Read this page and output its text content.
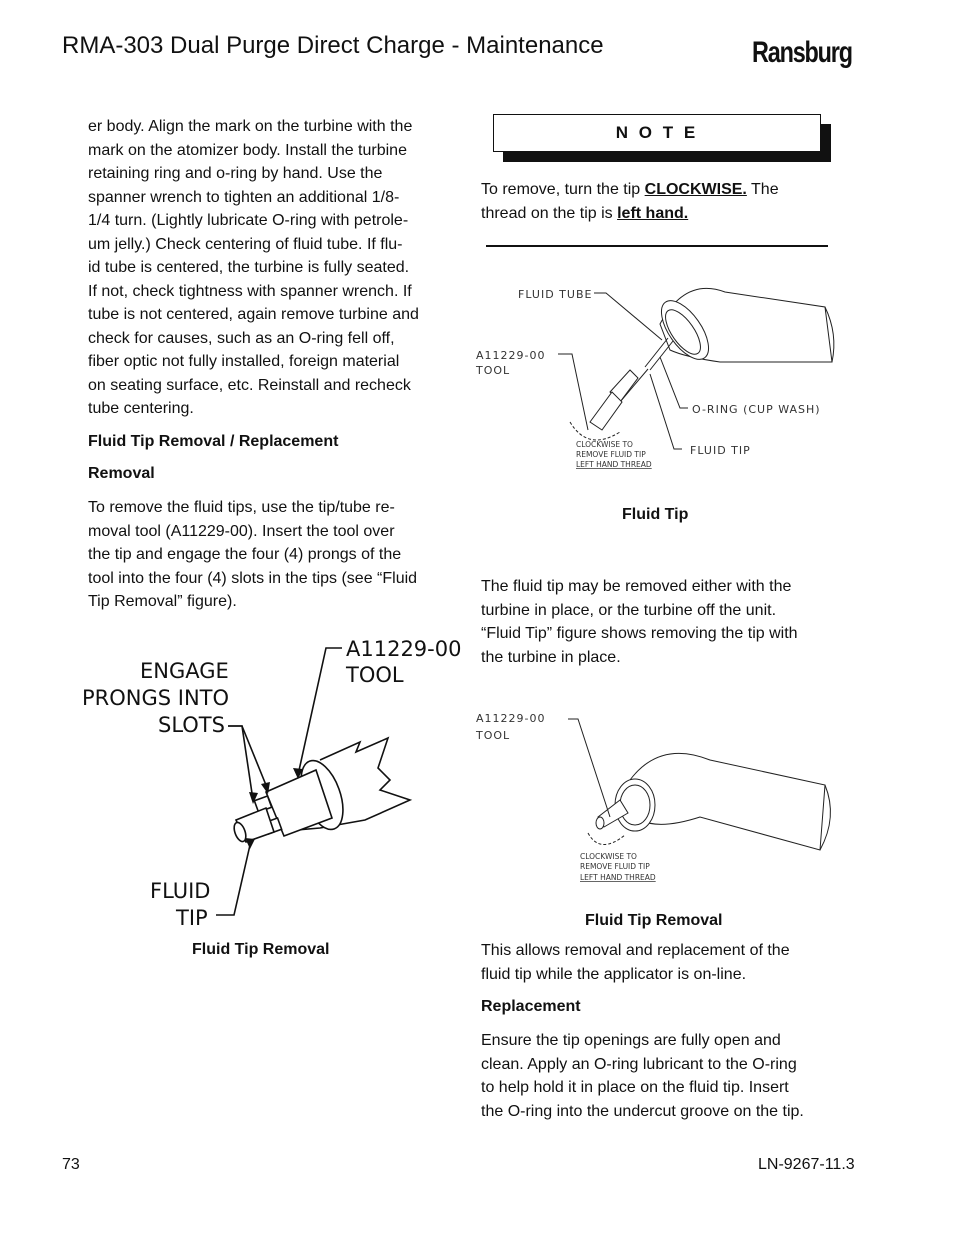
RMA-303 Dual Purge Direct Charge - Maintenance	Ransburg

er body. Align the mark on the turbine with the

mark on the atomizer body. Install the turbine

retaining ring and o-ring by hand. Use the

spanner wrench to tighten an additional 1/8-

1/4 turn. (Lightly lubricate O-ring with petrole-

um jelly.) Check centering of fluid tube. If flu-

id tube is centered, the turbine is fully seated.

If not, check tightness with spanner wrench. If

tube is not centered, again remove turbine and

check for causes, such as an O-ring fell off,

fiber optic not fully installed, foreign material

on seating surface, etc. Reinstall and recheck

tube centering.

Fluid Tip Removal / Replacement
Removal

To remove the fluid tips, use the tip/tube re-

moval tool (A11229-00). Insert the tool over

the tip and engage the four (4) prongs of the

tool into the four (4) slots in the tips (see “Fluid

Tip Removal” figure).

ENGAGE
PRONGS INTO
SLOTS
A11229-00
TOOL
FLUID
TIP
Fluid Tip Removal
N O T E

To remove, turn the tip CLOCKWISE. The

thread on the tip is left hand.

FLUID TUBE
A11229-00
TOOL
O-RING (CUP WASH)
FLUID TIP
CLOCKWISE TO
REMOVE FLUID TIP
LEFT HAND THREAD
Fluid Tip

The fluid tip may be removed either with the

turbine in place, or the turbine off the unit.

“Fluid Tip” figure shows removing the tip with

the turbine in place.

A11229-00
TOOL
CLOCKWISE TO
REMOVE FLUID TIP
LEFT HAND THREAD
Fluid Tip Removal

This allows removal and replacement of the

fluid tip while the applicator is on-line.

Replacement

Ensure the tip openings are fully open and

clean. Apply an O-ring lubricant to the O-ring

to help hold it in place on the fluid tip. Insert

the O-ring into the undercut groove on the tip.

73	LN-9267-11.3
